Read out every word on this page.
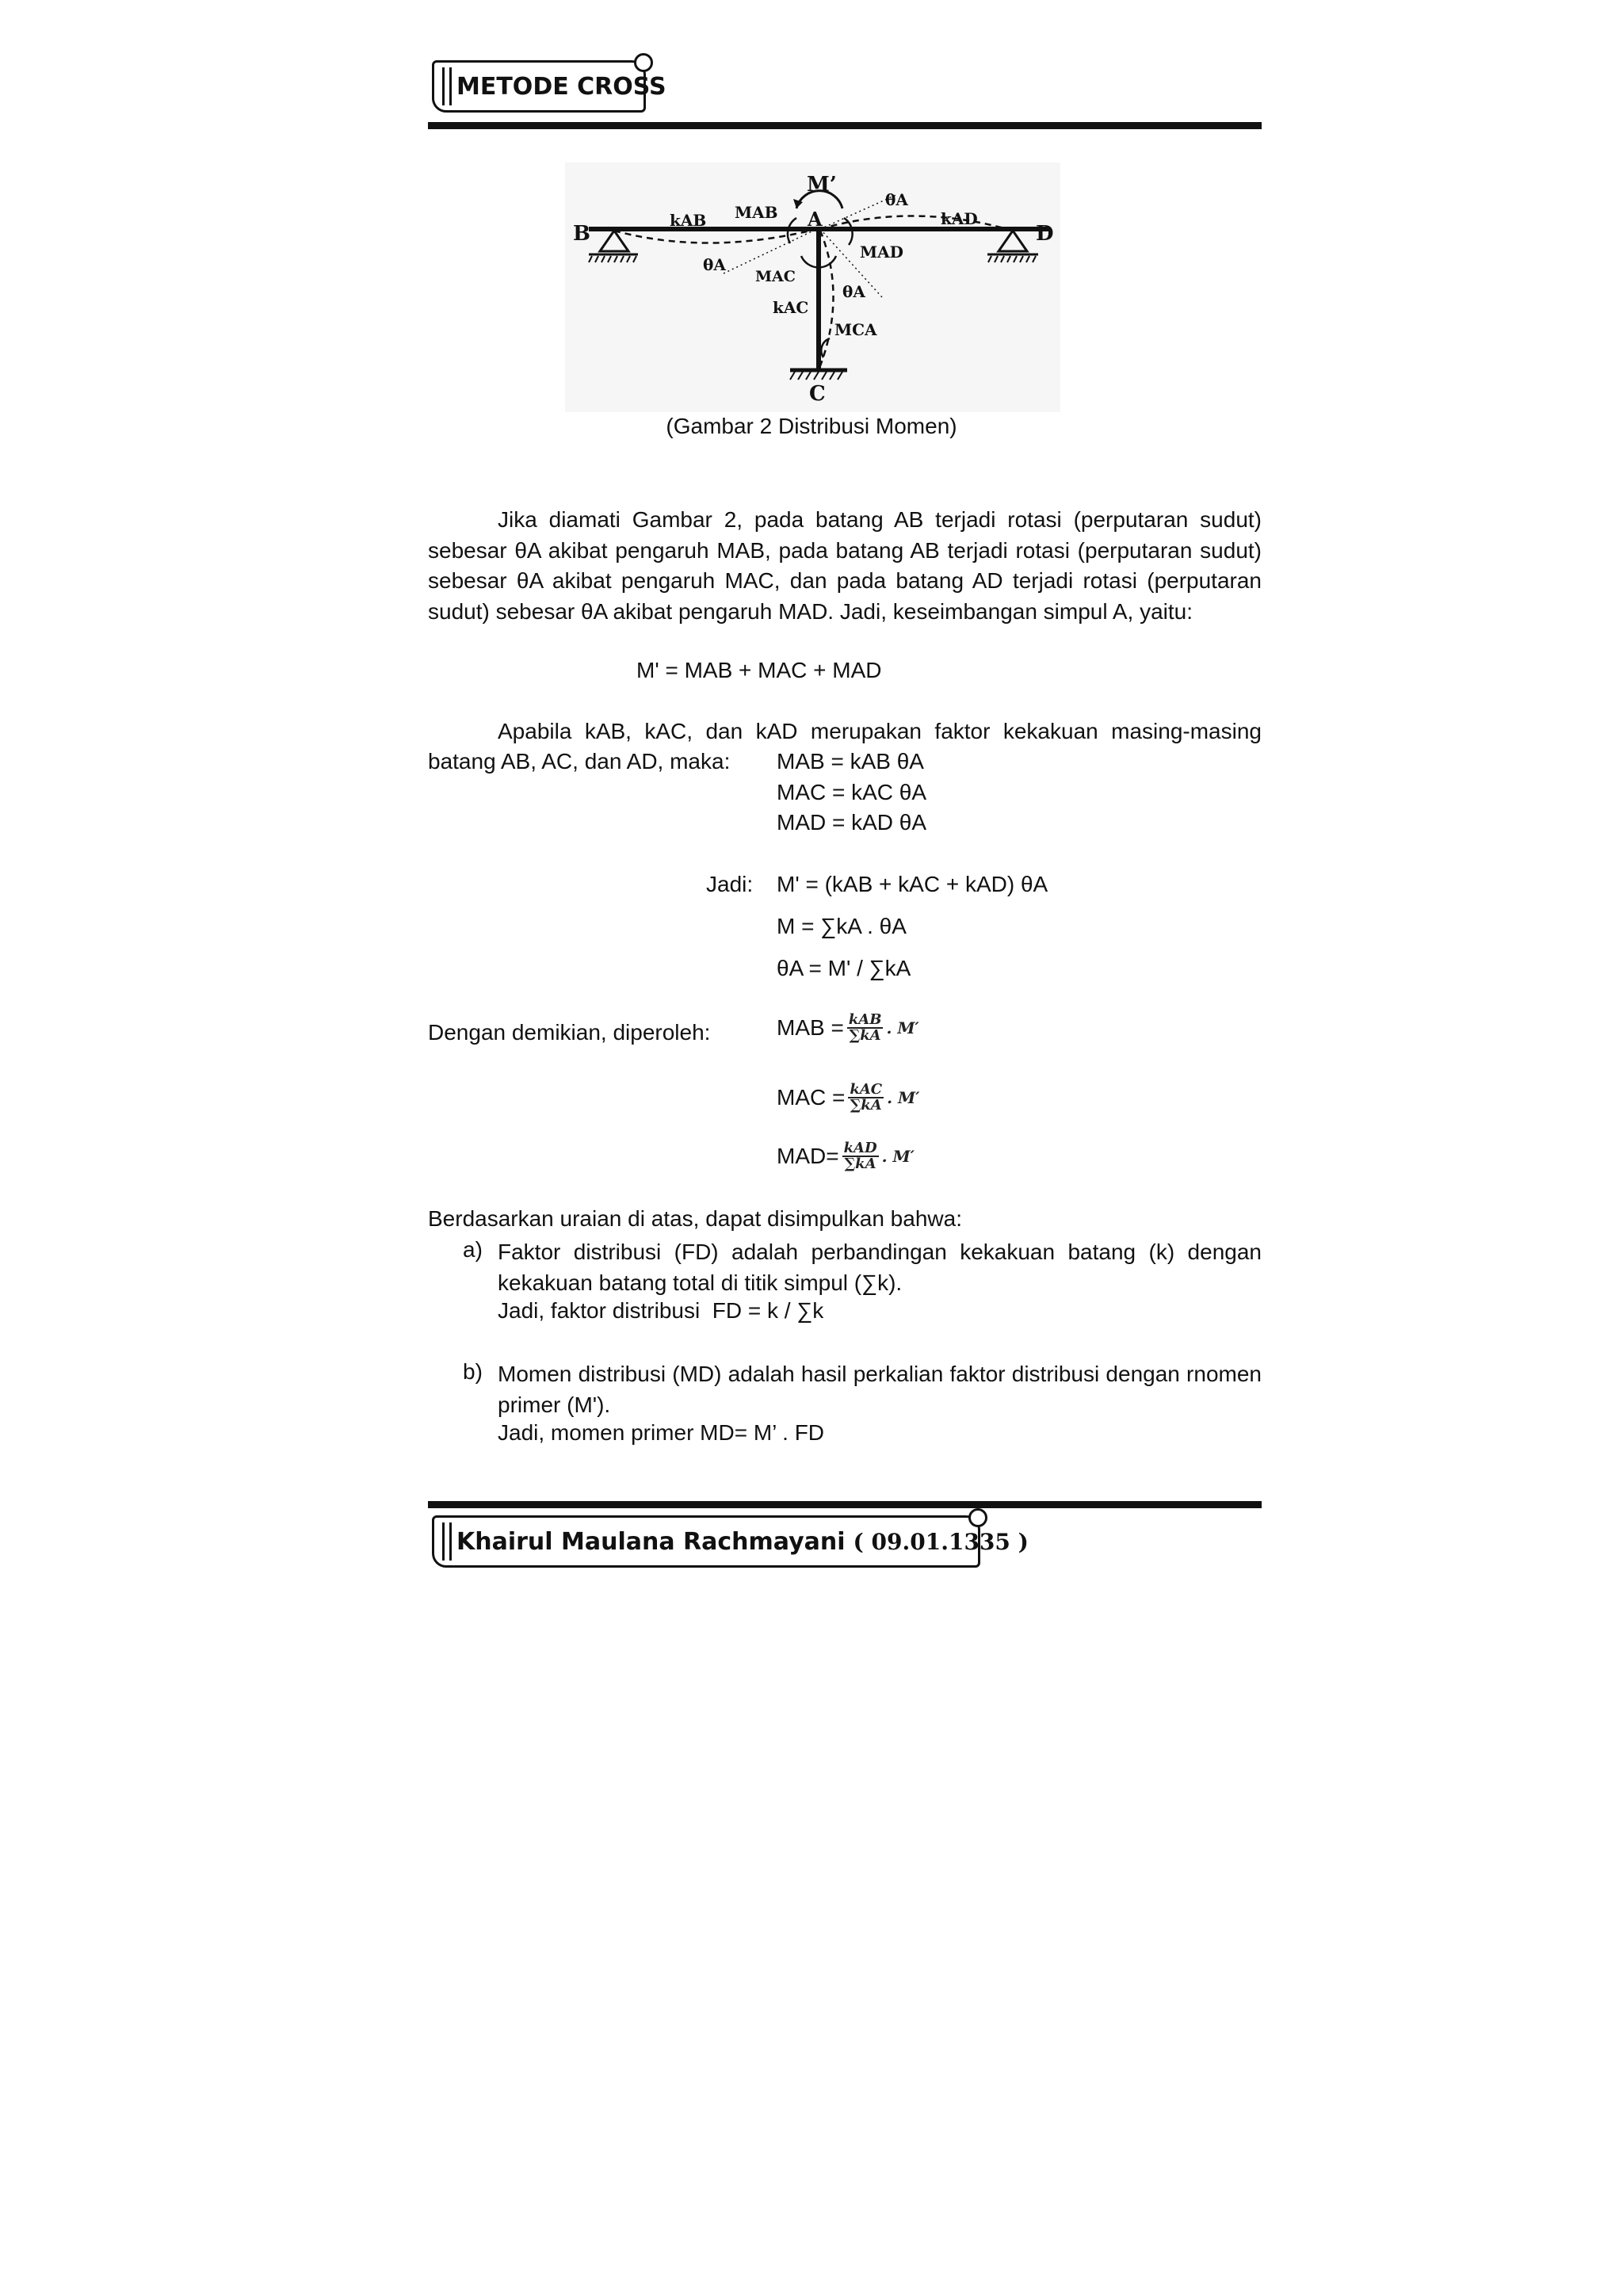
METODE CROSS
B	D
A
C
M’
kAB MAB
θA
kAD
θA
MAC
MAD
kAC
θA
MCA
(Gambar 2 Distribusi Momen)
Jika diamati Gambar 2, pada batang AB terjadi rotasi (perputaran sudut) sebesar θA akibat pengaruh MAB, pada batang AB terjadi rotasi (perputaran sudut) sebesar θA akibat pengaruh MAC, dan pada batang AD terjadi rotasi (perputaran sudut) sebesar θA akibat pengaruh MAD. Jadi, keseimbangan simpul A, yaitu:
M' = MAB + MAC + MAD
Apabila kAB, kAC, dan kAD merupakan faktor kekakuan masing-masing
batang AB, AC, dan AD, maka: MAB = kAB θA
MAC = kAC θA
MAD = kAD θA
Jadi: M' = (kAB + kAC + kAD) θA
M = ∑kA . θA
θA = M' / ∑kA
Dengan demikian, diperoleh:	MAB = $\frac{\text{kAB}}{\sum kA}$ . M′
MAC = $\frac{\text{kAC}}{\sum kA}$ . M′
$MAD= \frac{\text{kAD}}{\sum kA}$ . M′
Berdasarkan uraian di atas, dapat disimpulkan bahwa:
a) Faktor distribusi (FD) adalah perbandingan kekakuan batang (k) dengan kekakuan batang total di titik simpul (∑k).
Jadi, faktor distribusi  FD = k / ∑k
b) Momen distribusi (MD) adalah hasil perkalian faktor distribusi dengan rnomen primer (M').
Jadi, momen primer MD= M’ . FD
Khairul Maulana Rachmayani ( 09.01.1335 )
